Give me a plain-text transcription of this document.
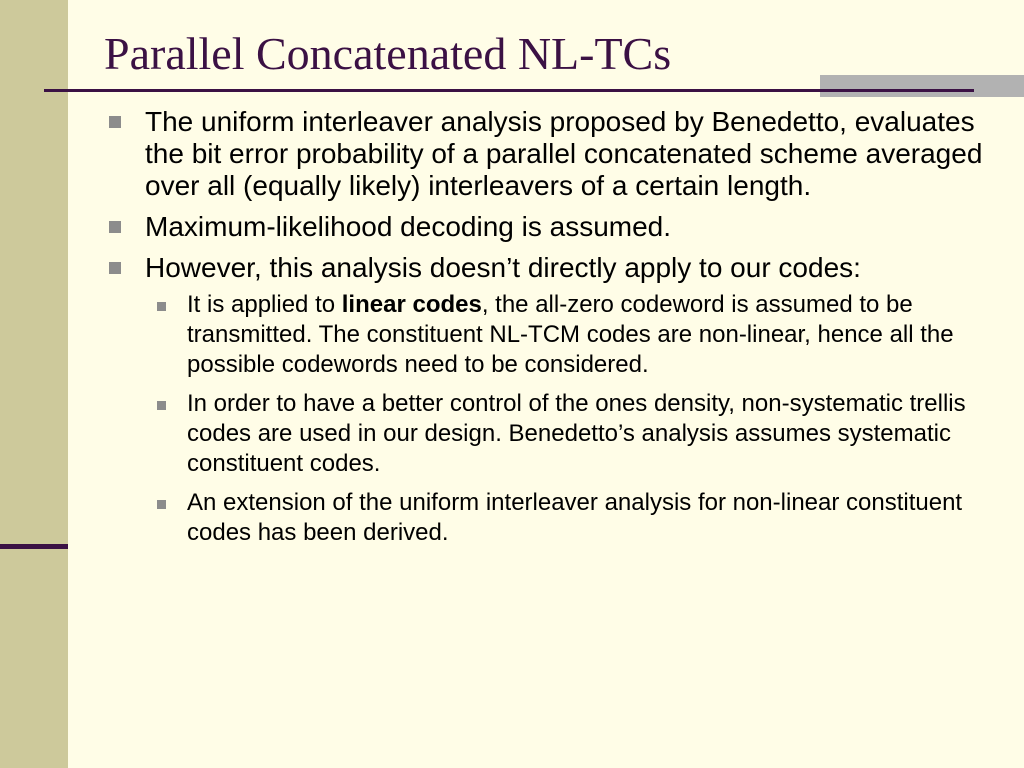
Parallel Concatenated NL-TCs
The uniform interleaver analysis proposed by Benedetto, evaluates the bit error probability of a parallel concatenated scheme averaged over all (equally likely) interleavers of a certain length.
Maximum-likelihood decoding is assumed.
However, this analysis doesn’t directly apply to our codes:
It is applied to linear codes, the all-zero codeword is assumed to be transmitted. The constituent NL-TCM codes are non-linear, hence all the possible codewords need to be considered.
In order to have a better control of the ones density, non-systematic trellis codes are used in our design. Benedetto’s analysis assumes systematic constituent codes.
An extension of the uniform interleaver analysis for non-linear constituent codes has been derived.
